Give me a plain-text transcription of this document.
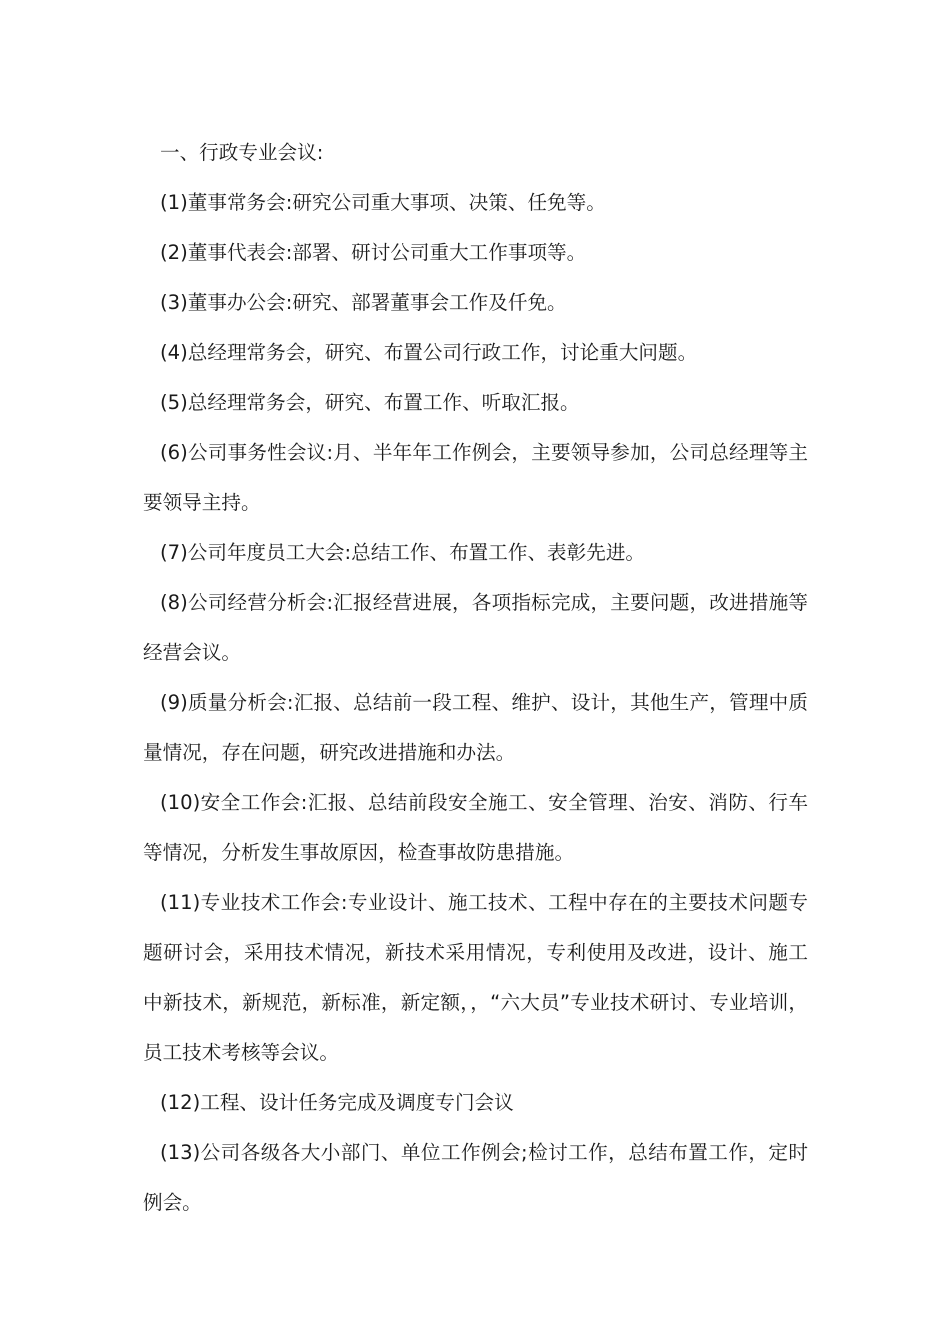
一、行政专业会议:

(1)董事常务会:研究公司重大事项、决策、任免等。

(2)董事代表会:部署、研讨公司重大工作事项等。

(3)董事办公会:研究、部署董事会工作及仟免。

(4)总经理常务会，研究、布置公司行政工作，讨论重大问题。

(5)总经理常务会，研究、布置工作、听取汇报。

(6)公司事务性会议:月、半年年工作例会，主要领导参加，公司总经理等主要领导主持。

(7)公司年度员工大会:总结工作、布置工作、表彰先进。

(8)公司经营分析会:汇报经营进展，各项指标完成，主要问题，改进措施等经营会议。

(9)质量分析会:汇报、总结前一段工程、维护、设计，其他生产，管理中质量情况，存在问题，研究改进措施和办法。

(10)安全工作会:汇报、总结前段安全施工、安全管理、治安、消防、行车等情况，分析发生事故原因，检查事故防患措施。

(11)专业技术工作会:专业设计、施工技术、工程中存在的主要技术问题专题研讨会，采用技术情况，新技术采用情况，专利使用及改进，设计、施工中新技术，新规范，新标准，新定额，，“六大员”专业技术研讨、专业培训，员工技术考核等会议。

(12)工程、设计任务完成及调度专门会议

(13)公司各级各大小部门、单位工作例会;检讨工作，总结布置工作，定时例会。
